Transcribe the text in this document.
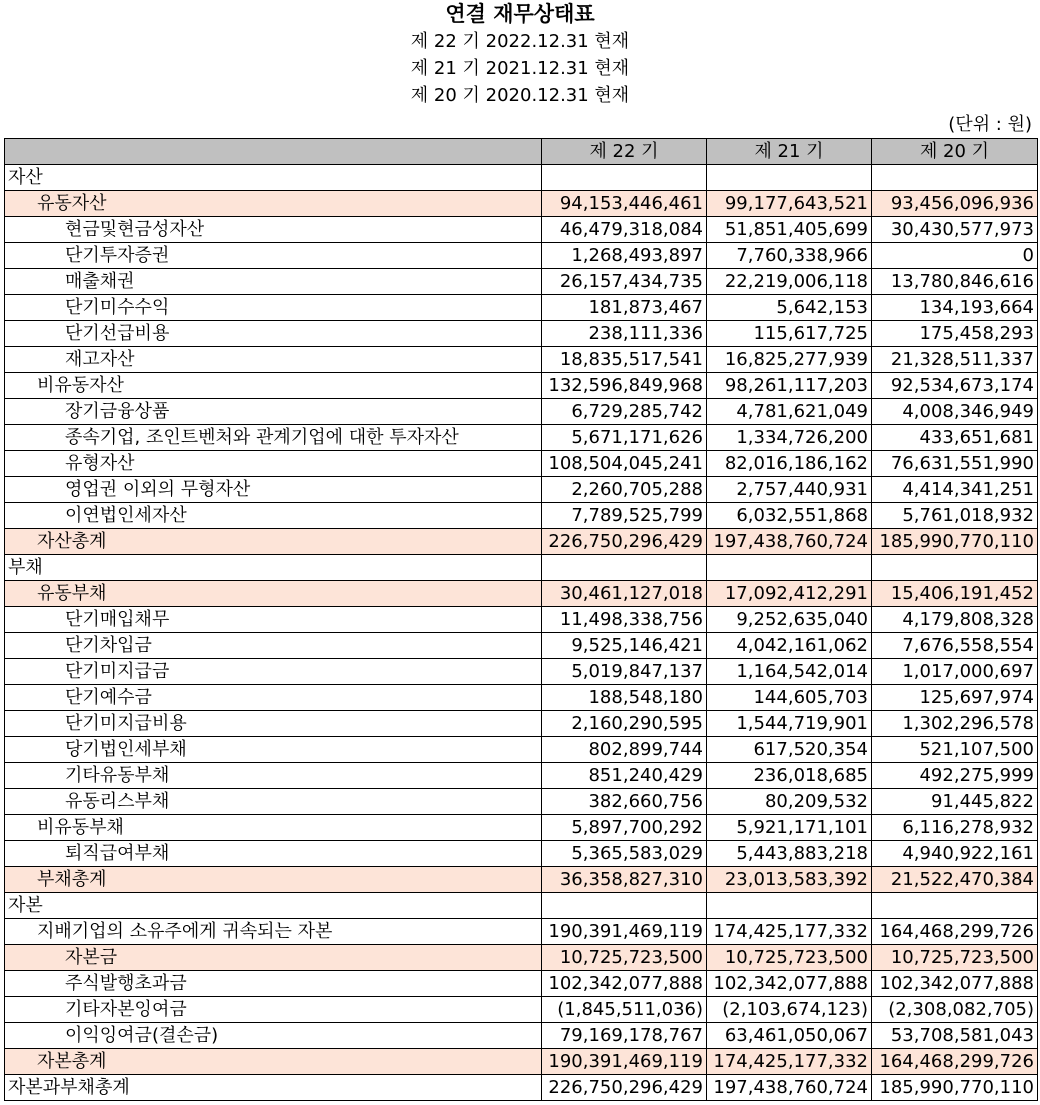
연결 재무상태표
제 22 기 2022.12.31 현재
제 21 기 2021.12.31 현재
제 20 기 2020.12.31 현재
(단위 : 원)
	제 22 기	제 21 기	제 20 기
자산			
유동자산	94,153,446,461	99,177,643,521	93,456,096,936
현금및현금성자산	46,479,318,084	51,851,405,699	30,430,577,973
단기투자증권	1,268,493,897	7,760,338,966	0
매출채권	26,157,434,735	22,219,006,118	13,780,846,616
단기미수수익	181,873,467	5,642,153	134,193,664
단기선급비용	238,111,336	115,617,725	175,458,293
재고자산	18,835,517,541	16,825,277,939	21,328,511,337
비유동자산	132,596,849,968	98,261,117,203	92,534,673,174
장기금융상품	6,729,285,742	4,781,621,049	4,008,346,949
종속기업, 조인트벤처와 관계기업에 대한 투자자산	5,671,171,626	1,334,726,200	433,651,681
유형자산	108,504,045,241	82,016,186,162	76,631,551,990
영업권 이외의 무형자산	2,260,705,288	2,757,440,931	4,414,341,251
이연법인세자산	7,789,525,799	6,032,551,868	5,761,018,932
자산총계	226,750,296,429	197,438,760,724	185,990,770,110
부채			
유동부채	30,461,127,018	17,092,412,291	15,406,191,452
단기매입채무	11,498,338,756	9,252,635,040	4,179,808,328
단기차입금	9,525,146,421	4,042,161,062	7,676,558,554
단기미지급금	5,019,847,137	1,164,542,014	1,017,000,697
단기예수금	188,548,180	144,605,703	125,697,974
단기미지급비용	2,160,290,595	1,544,719,901	1,302,296,578
당기법인세부채	802,899,744	617,520,354	521,107,500
기타유동부채	851,240,429	236,018,685	492,275,999
유동리스부채	382,660,756	80,209,532	91,445,822
비유동부채	5,897,700,292	5,921,171,101	6,116,278,932
퇴직급여부채	5,365,583,029	5,443,883,218	4,940,922,161
부채총계	36,358,827,310	23,013,583,392	21,522,470,384
자본			
지배기업의 소유주에게 귀속되는 자본	190,391,469,119	174,425,177,332	164,468,299,726
자본금	10,725,723,500	10,725,723,500	10,725,723,500
주식발행초과금	102,342,077,888	102,342,077,888	102,342,077,888
기타자본잉여금	(1,845,511,036)	(2,103,674,123)	(2,308,082,705)
이익잉여금(결손금)	79,169,178,767	63,461,050,067	53,708,581,043
자본총계	190,391,469,119	174,425,177,332	164,468,299,726
자본과부채총계	226,750,296,429	197,438,760,724	185,990,770,110
